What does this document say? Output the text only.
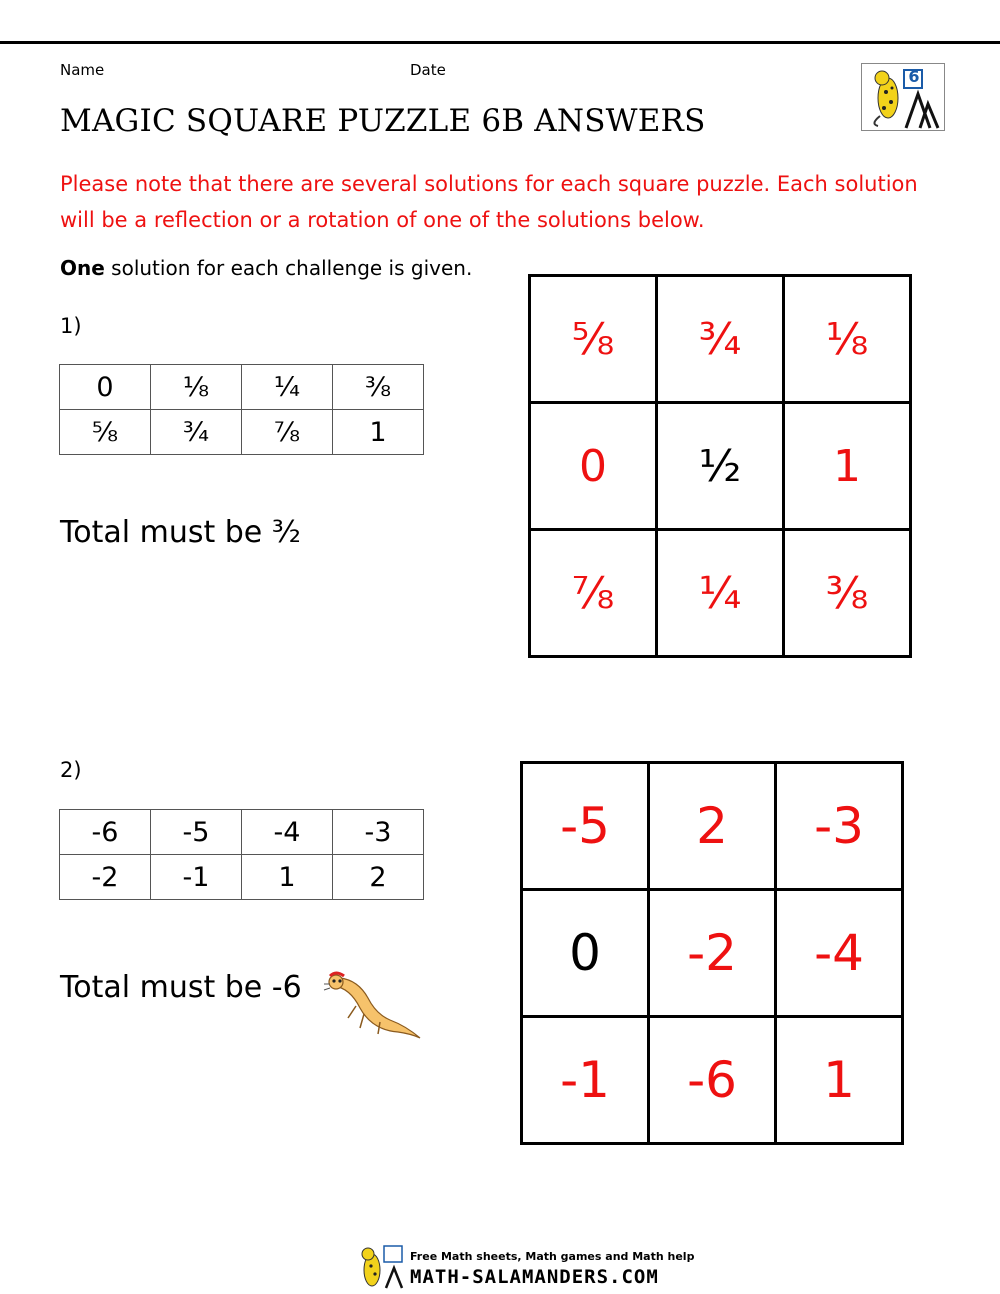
Name	Date	6
MAGIC SQUARE PUZZLE 6B ANSWERS
Please note that there are several solutions for each square puzzle. Each solution will be a reflection or a rotation of one of the solutions below.
One solution for each challenge is given.
1)
0	⅛	¼	⅜
⅝	¾	⅞	1
Total must be ³⁄₂
⅝	¾	⅛
0	½	1
⅞	¼	⅜
2)
-6	-5	-4	-3
-2	-1	1	2
Total must be -6
-5	2	-3
0	-2	-4
-1	-6	1
Free Math sheets, Math games and Math help
MATH-SALAMANDERS.COM
